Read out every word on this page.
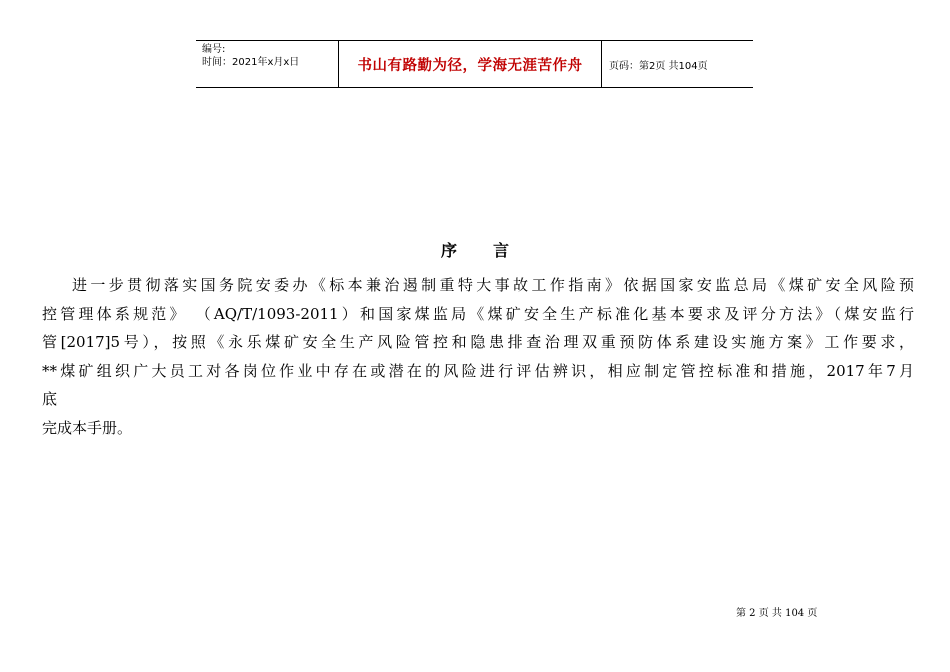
编号:
时间：2021年x月x日	书山有路勤为径，学海无涯苦作舟	页码：第2页 共104页
序 言

进一步贯彻落实国务院安委办《标本兼治遏制重特大事故工作指南》依据国家安监总局《煤矿安全风险预

控管理体系规范》 （AQ/T/1093-2011）和国家煤监局《煤矿安全生产标准化基本要求及评分方法》（煤安监行

管[2017]5号），按照《永乐煤矿安全生产风险管控和隐患排查治理双重预防体系建设实施方案》工作要求，

**煤矿组织广大员工对各岗位作业中存在或潜在的风险进行评估辨识，相应制定管控标准和措施，2017年7月

底

完成本手册。

第 2 页 共 104 页
